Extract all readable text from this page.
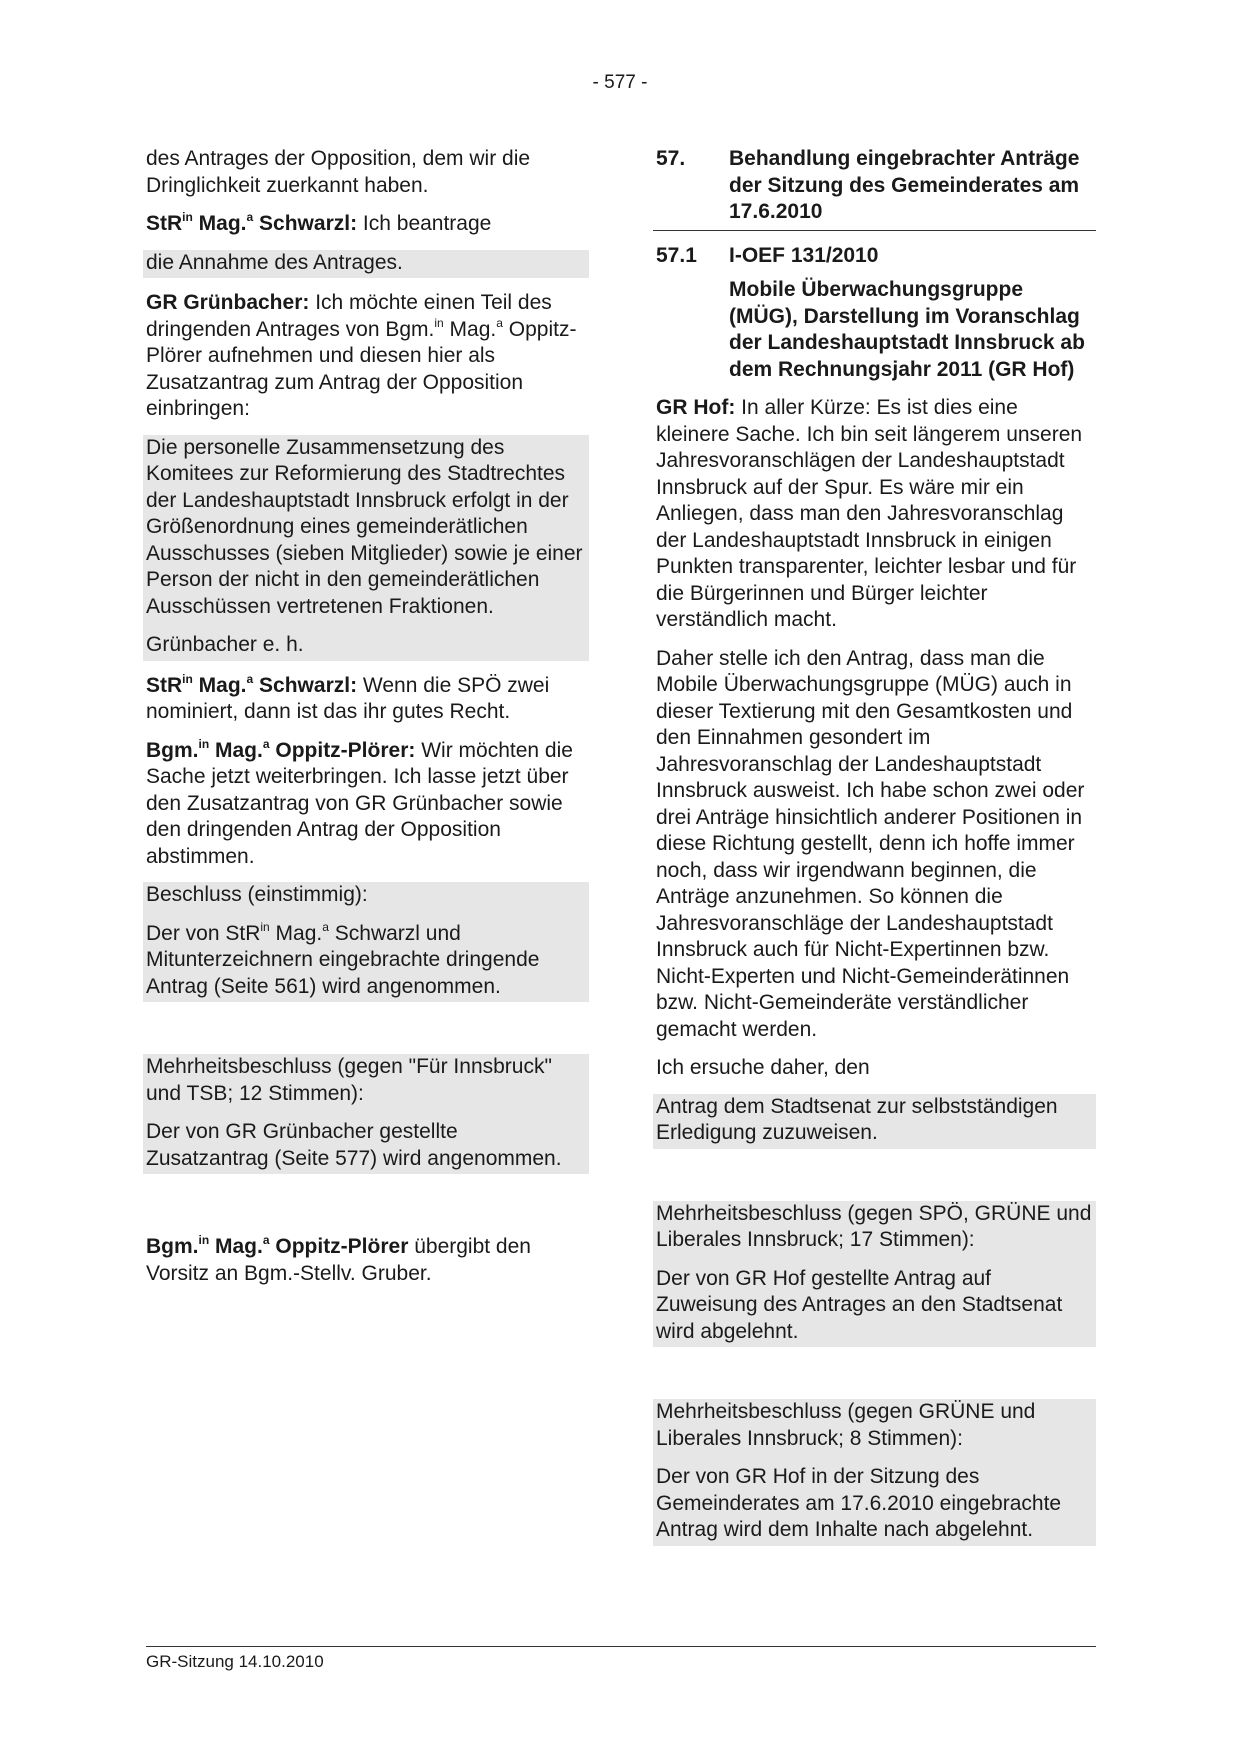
- 577 -

des Antrages der Opposition, dem wir die Dringlichkeit zuerkannt haben.

StR$^{in}$ Mag.$^a$ Schwarzl: Ich beantrage

die Annahme des Antrages.

GR Grünbacher: Ich möchte einen Teil des dringenden Antrages von Bgm.$^{in}$ Mag.$^a$ Oppitz-Plörer aufnehmen und diesen hier als Zusatzantrag zum Antrag der Opposition einbringen:

Die personelle Zusammensetzung des Komitees zur Reformierung des Stadtrechtes der Landeshauptstadt Innsbruck erfolgt in der Größenordnung eines gemeinderätlichen Ausschusses (sieben Mitglieder) sowie je einer Person der nicht in den gemeinderätlichen Ausschüssen vertretenen Fraktionen.

Grünbacher e. h.

StR$^{in}$ Mag.$^a$ Schwarzl: Wenn die SPÖ zwei nominiert, dann ist das ihr gutes Recht.

Bgm.$^{in}$ Mag.$^a$ Oppitz-Plörer: Wir möchten die Sache jetzt weiterbringen. Ich lasse jetzt über den Zusatzantrag von GR Grünbacher sowie den dringenden Antrag der Opposition abstimmen.

Beschluss (einstimmig):

Der von StR$^{in}$ Mag.$^a$ Schwarzl und Mitunterzeichnern eingebrachte dringende Antrag (Seite 561) wird angenommen.

Mehrheitsbeschluss (gegen "Für Innsbruck" und TSB; 12 Stimmen):

Der von GR Grünbacher gestellte Zusatzantrag (Seite 577) wird angenommen.

Bgm.$^{in}$ Mag.$^a$ Oppitz-Plörer übergibt den Vorsitz an Bgm.-Stellv. Gruber.

57.	Behandlung eingebrachter Anträge der Sitzung des Gemeinderates am 17.6.2010
57.1	I-OEF 131/2010

Mobile Überwachungsgruppe (MÜG), Darstellung im Voranschlag der Landeshauptstadt Innsbruck ab dem Rechnungsjahr 2011 (GR Hof)

GR Hof: In aller Kürze: Es ist dies eine kleinere Sache. Ich bin seit längerem unseren Jahresvoranschlägen der Landeshauptstadt Innsbruck auf der Spur. Es wäre mir ein Anliegen, dass man den Jahresvoranschlag der Landeshauptstadt Innsbruck in einigen Punkten transparenter, leichter lesbar und für die Bürgerinnen und Bürger leichter verständlich macht.

Daher stelle ich den Antrag, dass man die Mobile Überwachungsgruppe (MÜG) auch in dieser Textierung mit den Gesamtkosten und den Einnahmen gesondert im Jahresvoranschlag der Landeshauptstadt Innsbruck ausweist. Ich habe schon zwei oder drei Anträge hinsichtlich anderer Positionen in diese Richtung gestellt, denn ich hoffe immer noch, dass wir irgendwann beginnen, die Anträge anzunehmen. So können die Jahresvoranschläge der Landeshauptstadt Innsbruck auch für Nicht-Expertinnen bzw. Nicht-Experten und Nicht-Gemeinderätinnen bzw. Nicht-Gemeinderäte verständlicher gemacht werden.

Ich ersuche daher, den

Antrag dem Stadtsenat zur selbstständigen Erledigung zuzuweisen.

Mehrheitsbeschluss (gegen SPÖ, GRÜNE und Liberales Innsbruck; 17 Stimmen):

Der von GR Hof gestellte Antrag auf Zuweisung des Antrages an den Stadtsenat wird abgelehnt.

Mehrheitsbeschluss (gegen GRÜNE und Liberales Innsbruck; 8 Stimmen):

Der von GR Hof in der Sitzung des Gemeinderates am 17.6.2010 eingebrachte Antrag wird dem Inhalte nach abgelehnt.

GR-Sitzung 14.10.2010
